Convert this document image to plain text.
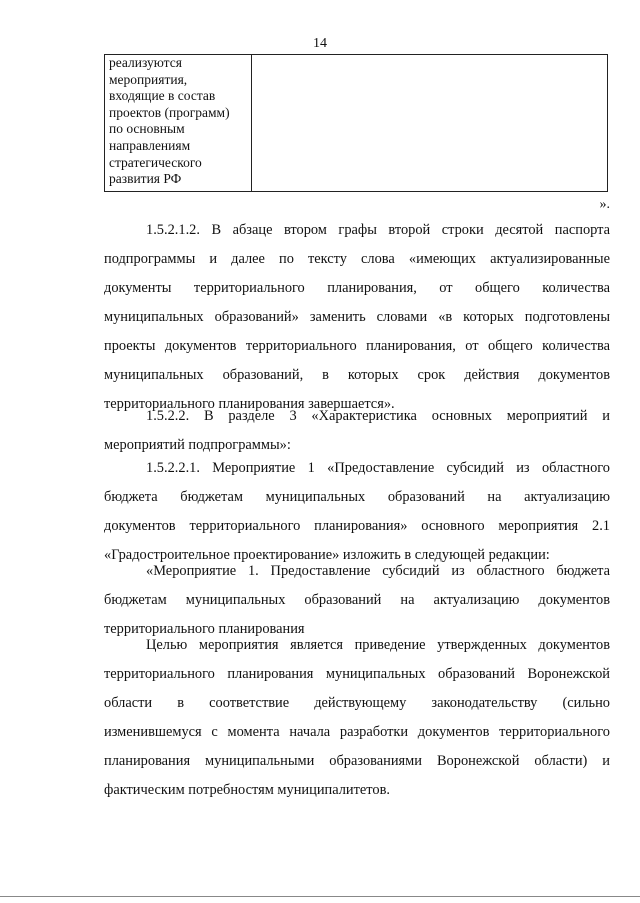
14
реализуются
мероприятия,
входящие в состав
проектов (программ)
по основным
направлениям
стратегического
развития РФ
».
1.5.2.1.2. В абзаце втором графы второй строки десятой паспорта
подпрограммы и далее по тексту слова «имеющих актуализированные
документы территориального планирования, от общего количества
муниципальных образований» заменить словами «в которых подготовлены
проекты документов территориального планирования, от общего количества
муниципальных образований, в которых срок действия документов
территориального планирования завершается».
1.5.2.2. В разделе 3 «Характеристика основных мероприятий и
мероприятий подпрограммы»:
1.5.2.2.1. Мероприятие 1 «Предоставление субсидий из областного
бюджета бюджетам муниципальных образований на актуализацию
документов территориального планирования» основного мероприятия 2.1
«Градостроительное проектирование» изложить в следующей редакции:
«Мероприятие 1. Предоставление субсидий из областного бюджета
бюджетам муниципальных образований на актуализацию документов
территориального планирования
Целью мероприятия является приведение утвержденных документов
территориального планирования муниципальных образований Воронежской
области в соответствие действующему законодательству (сильно
изменившемуся с момента начала разработки документов территориального
планирования муниципальными образованиями Воронежской области) и
фактическим потребностям муниципалитетов.
